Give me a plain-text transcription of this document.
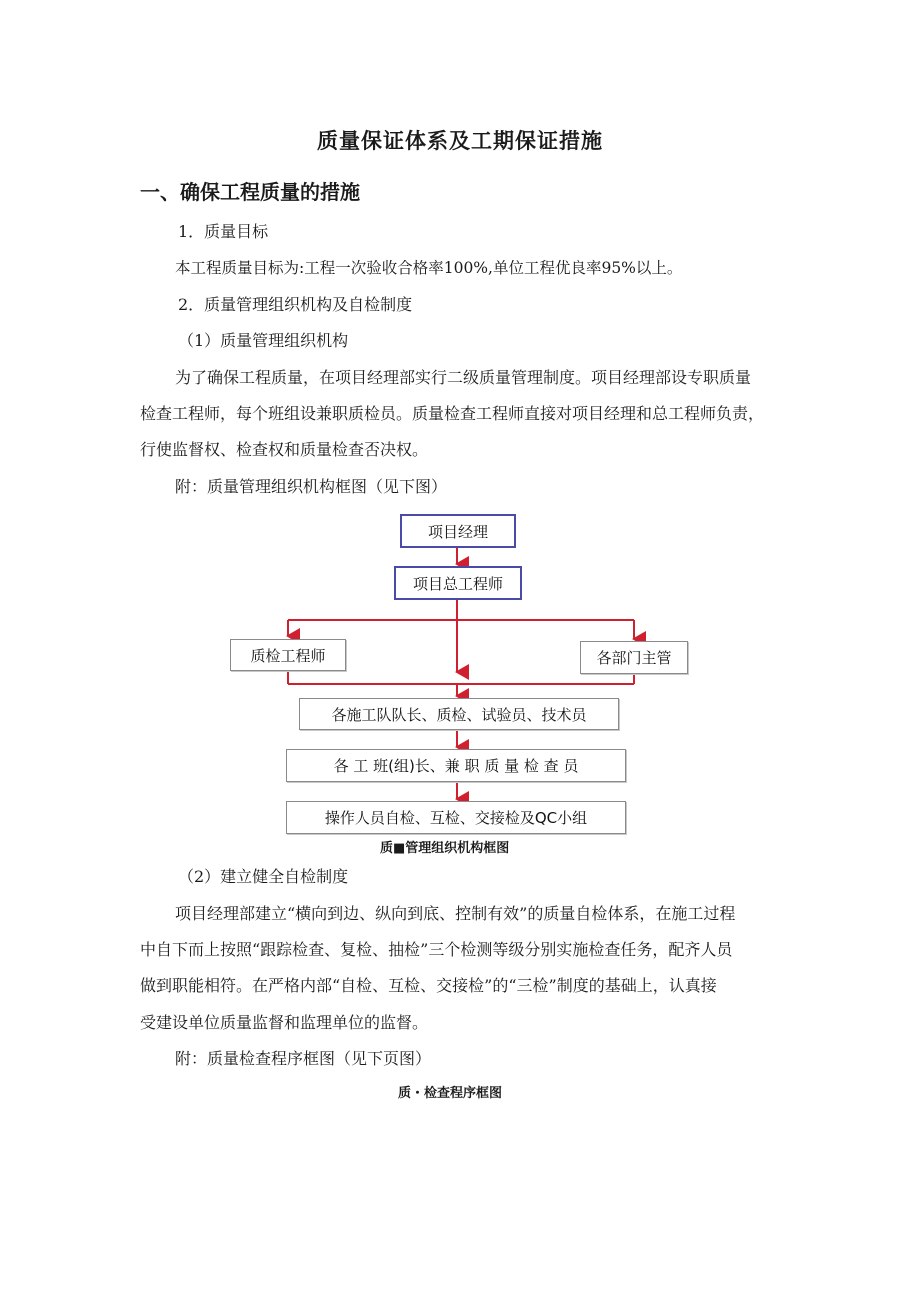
质量保证体系及工期保证措施
一、确保工程质量的措施
1．质量目标
本工程质量目标为:工程一次验收合格率100%,单位工程优良率95%以上。
2．质量管理组织机构及自检制度
（1）质量管理组织机构
为了确保工程质量，在项目经理部实行二级质量管理制度。项目经理部设专职质量
检查工程师，每个班组设兼职质检员。质量检查工程师直接对项目经理和总工程师负责，
行使监督权、检查权和质量检查否决权。
附：质量管理组织机构框图（见下图）
项目经理
项目总工程师
质检工程师	各部门主管
各施工队队长、质检、试验员、技术员
各 工 班(组)长、兼 职 质 量 检 查 员
操作人员自检、互检、交接检及QC小组
质■管理组织机构框图
（2）建立健全自检制度
项目经理部建立“横向到边、纵向到底、控制有效”的质量自检体系，在施工过程
中自下而上按照“跟踪检查、复检、抽检”三个检测等级分别实施检查任务，配齐人员
做到职能相符。在严格内部“自检、互检、交接检”的“三检”制度的基础上，认真接
受建设单位质量监督和监理单位的监督。
附：质量检查程序框图（见下页图）
质・检查程序框图
